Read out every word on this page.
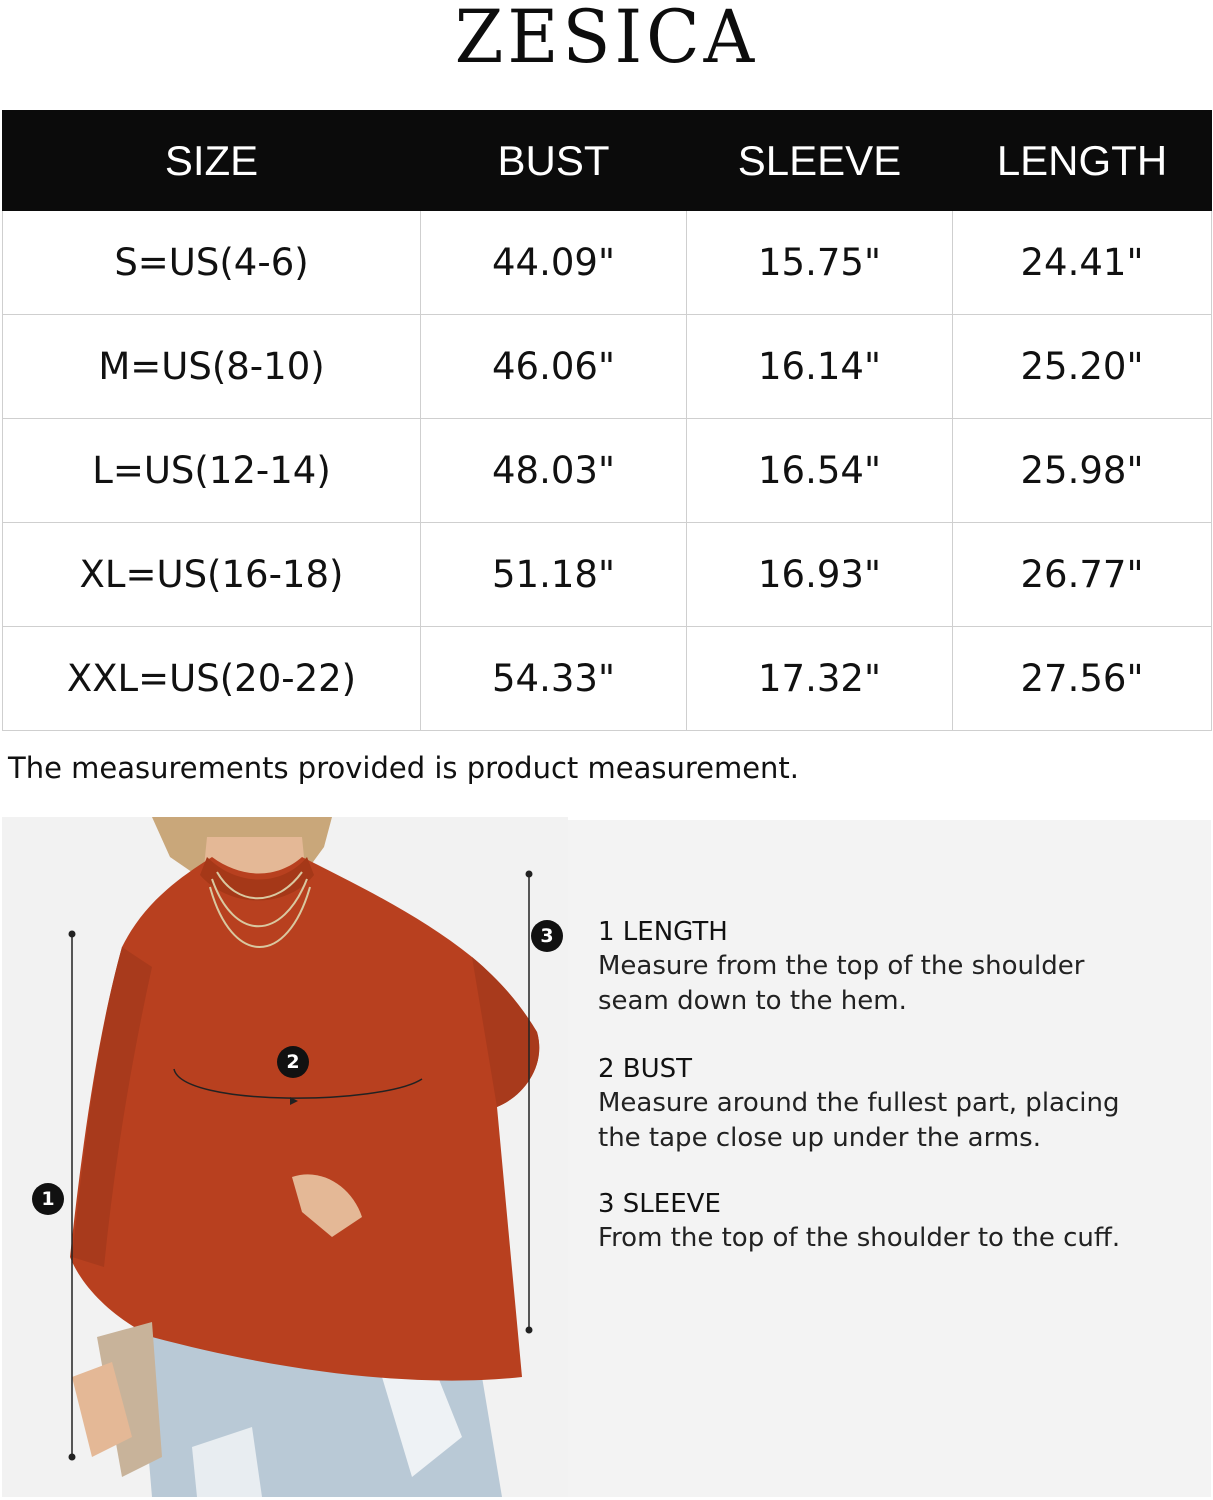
ZESICA
SIZE	BUST	SLEEVE	LENGTH
S=US(4-6)	44.09"	15.75"	24.41"
M=US(8-10)	46.06"	16.14"	25.20"
L=US(12-14)	48.03"	16.54"	25.98"
XL=US(16-18)	51.18"	16.93"	26.77"
XXL=US(20-22)	54.33"	17.32"	27.56"
The measurements provided is product measurement.
1
2
3	1 LENGTH
Measure from the top of the shoulder
seam down to the hem.
2 BUST
Measure around the fullest part, placing
the tape close up under the arms.
3 SLEEVE
From the top of the shoulder to the cuff.
